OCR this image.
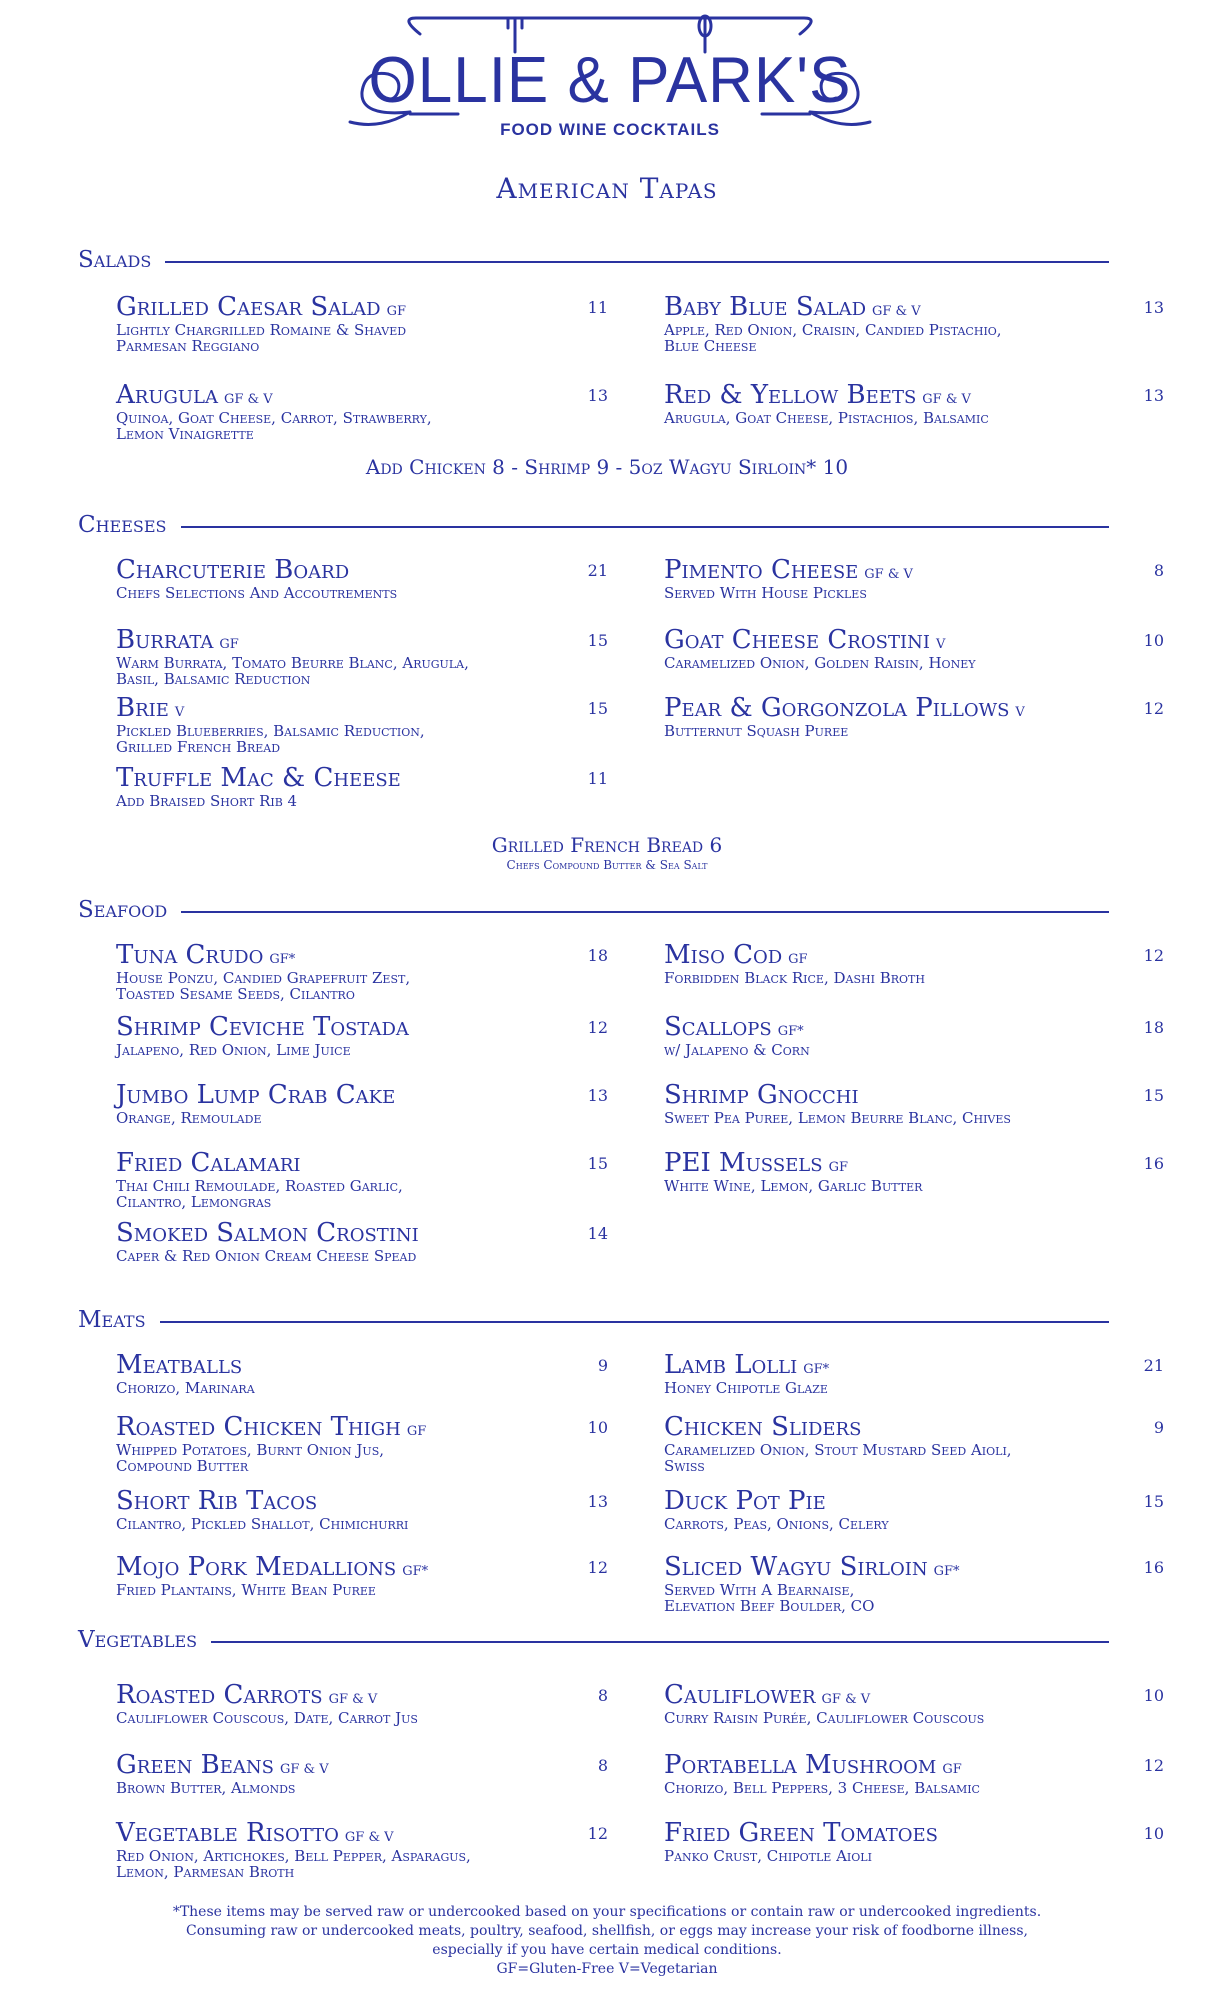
OLLIE & PARK'S
FOOD WINE COCKTAILS
American Tapas
Salads
Grilled Caesar Salad GF	11
Lightly Chargrilled Romaine & Shaved
Parmesan Reggiano
Baby Blue Salad GF & V	13
Apple, Red Onion, Craisin, Candied Pistachio,
Blue Cheese
Arugula GF & V	13
Quinoa, Goat Cheese, Carrot, Strawberry,
Lemon Vinaigrette
Red & Yellow Beets GF & V	13
Arugula, Goat Cheese, Pistachios, Balsamic
Cheeses
Charcuterie Board	21
Chefs Selections And Accoutrements
Pimento Cheese GF & V	8
Served With House Pickles
Burrata GF	15
Warm Burrata, Tomato Beurre Blanc, Arugula,
Basil, Balsamic Reduction
Goat Cheese Crostini V	10
Caramelized Onion, Golden Raisin, Honey
Brie V	15
Pickled Blueberries, Balsamic Reduction,
Grilled French Bread
Pear & Gorgonzola Pillows V	12
Butternut Squash Puree
Truffle Mac & Cheese	11
Add Braised Short Rib 4
Seafood
Tuna Crudo GF*	18
House Ponzu, Candied Grapefruit Zest,
Toasted Sesame Seeds, Cilantro
Miso Cod GF	12
Forbidden Black Rice, Dashi Broth
Shrimp Ceviche Tostada	12
Jalapeno, Red Onion, Lime Juice
Scallops GF*	18
w/ Jalapeno & Corn
Jumbo Lump Crab Cake	13
Orange, Remoulade
Shrimp Gnocchi	15
Sweet Pea Puree, Lemon Beurre Blanc, Chives
Fried Calamari	15
Thai Chili Remoulade, Roasted Garlic,
Cilantro, Lemongras
PEI Mussels GF	16
White Wine, Lemon, Garlic Butter
Smoked Salmon Crostini	14
Caper & Red Onion Cream Cheese Spead
Meats
Meatballs	9
Chorizo, Marinara
Lamb Lolli GF*	21
Honey Chipotle Glaze
Roasted Chicken Thigh GF	10
Whipped Potatoes, Burnt Onion Jus,
Compound Butter
Chicken Sliders	9
Caramelized Onion, Stout Mustard Seed Aioli,
Swiss
Short Rib Tacos	13
Cilantro, Pickled Shallot, Chimichurri
Duck Pot Pie	15
Carrots, Peas, Onions, Celery
Mojo Pork Medallions GF*	12
Fried Plantains, White Bean Puree
Sliced Wagyu Sirloin GF*	16
Served With A Bearnaise,
Elevation Beef Boulder, CO
Vegetables
Roasted Carrots GF & V	8
Cauliflower Couscous, Date, Carrot Jus
Cauliflower GF & V	10
Curry Raisin Purée, Cauliflower Couscous
Green Beans GF & V	8
Brown Butter, Almonds
Portabella Mushroom GF	12
Chorizo, Bell Peppers, 3 Cheese, Balsamic
Vegetable Risotto GF & V	12
Red Onion, Artichokes, Bell Pepper, Asparagus,
Lemon, Parmesan Broth
Fried Green Tomatoes	10
Panko Crust, Chipotle Aioli
Add Chicken 8 - Shrimp 9 - 5oz Wagyu Sirloin* 10
Grilled French Bread 6
Chefs Compound Butter & Sea Salt
*These items may be served raw or undercooked based on your specifications or contain raw or undercooked ingredients.
Consuming raw or undercooked meats, poultry, seafood, shellfish, or eggs may increase your risk of foodborne illness,
especially if you have certain medical conditions.
GF=Gluten-Free V=Vegetarian
